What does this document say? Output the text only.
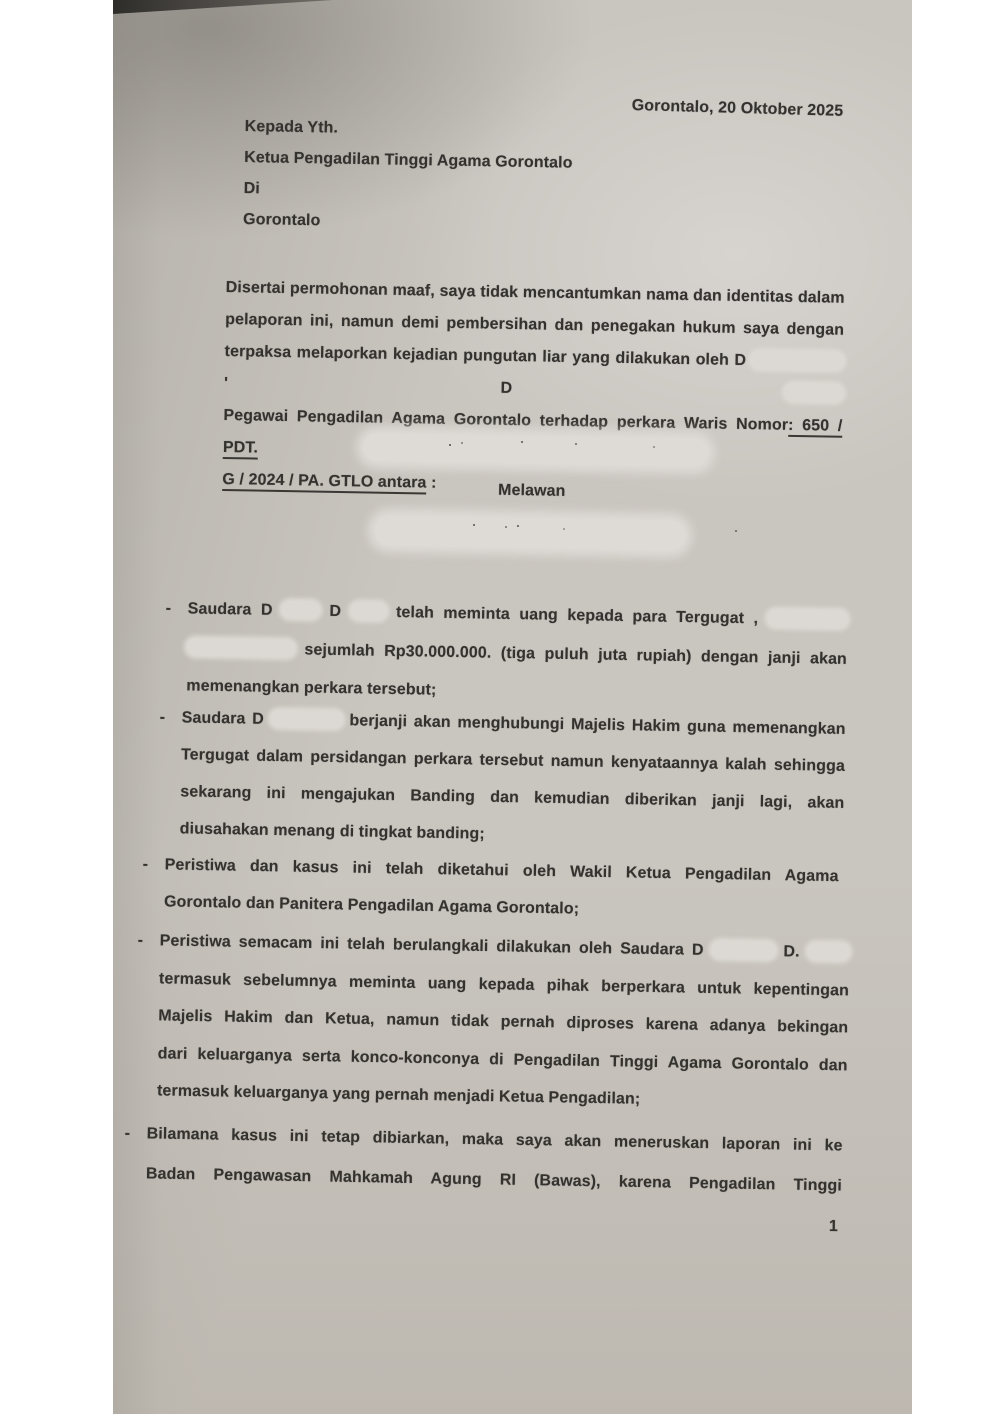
Gorontalo, 20 Oktober 2025
Kepada Yth.
Ketua Pengadilan Tinggi Agama Gorontalo
Di
Gorontalo
Disertai permohonan maaf, saya tidak mencantumkan nama dan identitas dalam
pelaporan ini, namun demi pembersihan dan penegakan hukum saya dengan
terpaksa melaporkan kejadian pungutan liar yang dilakukan oleh D  ' D
Pegawai Pengadilan Agama Gorontalo terhadap perkara Waris Nomor: 650 / PDT.
G / 2024 / PA. GTLO antara :	Melawan
-	Saudara D	D	telah meminta uang kepada para Tergugat ,
sejumlah Rp30.000.000. (tiga puluh juta rupiah) dengan janji akan
memenangkan perkara tersebut;
-	Saudara D	berjanji akan menghubungi Majelis Hakim guna memenangkan
Tergugat dalam persidangan perkara tersebut namun kenyataannya kalah sehingga
sekarang ini mengajukan Banding dan kemudian diberikan janji lagi, akan
diusahakan menang di tingkat banding;
-	Peristiwa dan kasus ini telah diketahui oleh Wakil Ketua Pengadilan Agama
Gorontalo dan Panitera Pengadilan Agama Gorontalo;
-	Peristiwa semacam ini telah berulangkali dilakukan oleh Saudara D	D.
termasuk sebelumnya meminta uang kepada pihak berperkara untuk kepentingan
Majelis Hakim dan Ketua, namun tidak pernah diproses karena adanya bekingan
dari keluarganya serta konco-konconya di Pengadilan Tinggi Agama Gorontalo dan
termasuk keluarganya yang pernah menjadi Ketua Pengadilan;
-	Bilamana kasus ini tetap dibiarkan, maka saya akan meneruskan laporan ini ke
Badan Pengawasan Mahkamah Agung RI (Bawas), karena Pengadilan Tinggi
1
